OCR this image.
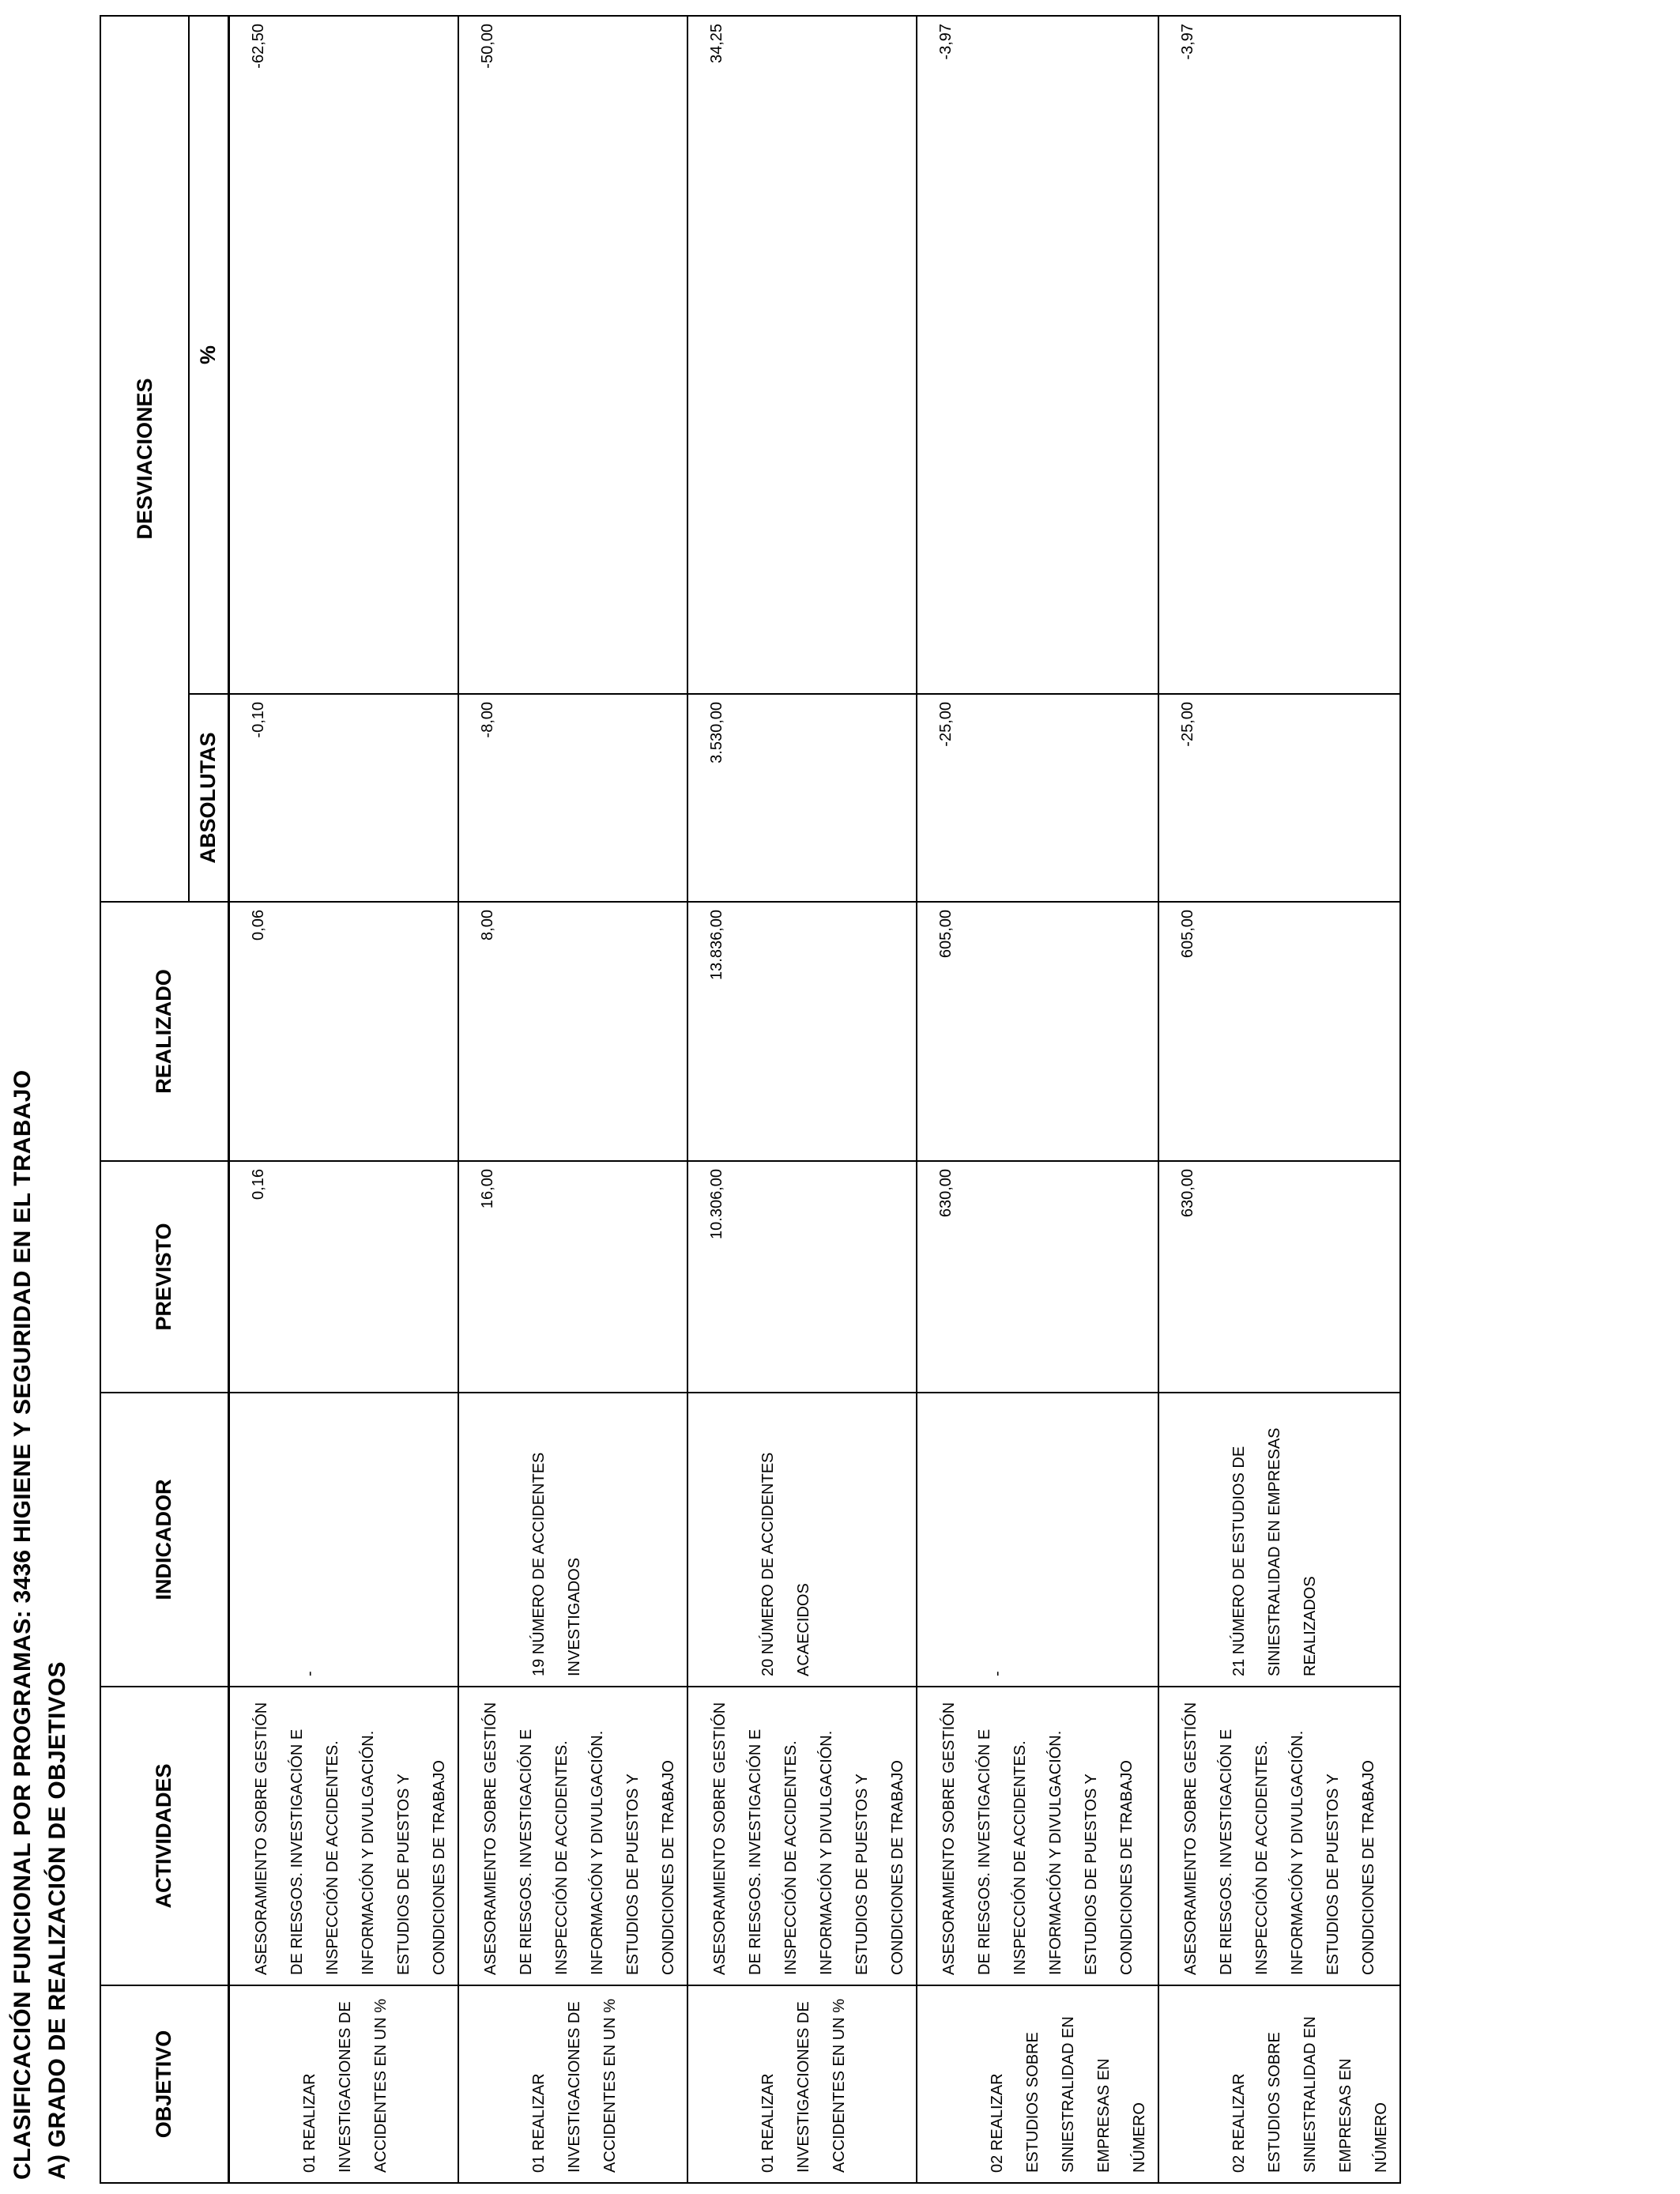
CLASIFICACIÓN FUNCIONAL POR PROGRAMAS: 3436 HIGIENE Y SEGURIDAD EN EL TRABAJO A) GRADO DE REALIZACIÓN DE OBJETIVOS	OBJETIVO	ACTIVIDADES	INDICADOR	PREVISTO	REALIZADO	DESVIACIONES	
					ABSOLUTAS	%
01 REALIZAR INVESTIGACIONES DE ACCIDENTES EN UN %	ASESORAMIENTO SOBRE GESTIÓN DE RIESGOS. INVESTIGACIÓN E INSPECCIÓN DE ACCIDENTES. INFORMACIÓN Y DIVULGACIÓN. ESTUDIOS DE PUESTOS Y CONDICIONES DE TRABAJO	-	0,16	0,06	-0,10	-62,50
01 REALIZAR INVESTIGACIONES DE ACCIDENTES EN UN %	ASESORAMIENTO SOBRE GESTIÓN DE RIESGOS. INVESTIGACIÓN E INSPECCIÓN DE ACCIDENTES. INFORMACIÓN Y DIVULGACIÓN. ESTUDIOS DE PUESTOS Y CONDICIONES DE TRABAJO	19 NÚMERO DE ACCIDENTES INVESTIGADOS	16,00	8,00	-8,00	-50,00
01 REALIZAR INVESTIGACIONES DE ACCIDENTES EN UN %	ASESORAMIENTO SOBRE GESTIÓN DE RIESGOS. INVESTIGACIÓN E INSPECCIÓN DE ACCIDENTES. INFORMACIÓN Y DIVULGACIÓN. ESTUDIOS DE PUESTOS Y CONDICIONES DE TRABAJO	20 NÚMERO DE ACCIDENTES ACAECIDOS	10.306,00	13.836,00	3.530,00	34,25
02 REALIZAR ESTUDIOS SOBRE SINIESTRALIDAD EN EMPRESAS EN NÚMERO	ASESORAMIENTO SOBRE GESTIÓN DE RIESGOS. INVESTIGACIÓN E INSPECCIÓN DE ACCIDENTES. INFORMACIÓN Y DIVULGACIÓN. ESTUDIOS DE PUESTOS Y CONDICIONES DE TRABAJO	-	630,00	605,00	-25,00	-3,97
02 REALIZAR ESTUDIOS SOBRE SINIESTRALIDAD EN EMPRESAS EN NÚMERO	ASESORAMIENTO SOBRE GESTIÓN DE RIESGOS. INVESTIGACIÓN E INSPECCIÓN DE ACCIDENTES. INFORMACIÓN Y DIVULGACIÓN. ESTUDIOS DE PUESTOS Y CONDICIONES DE TRABAJO	21 NÚMERO DE ESTUDIOS DE SINIESTRALIDAD EN EMPRESAS REALIZADOS	630,00	605,00	-25,00	-3,97
